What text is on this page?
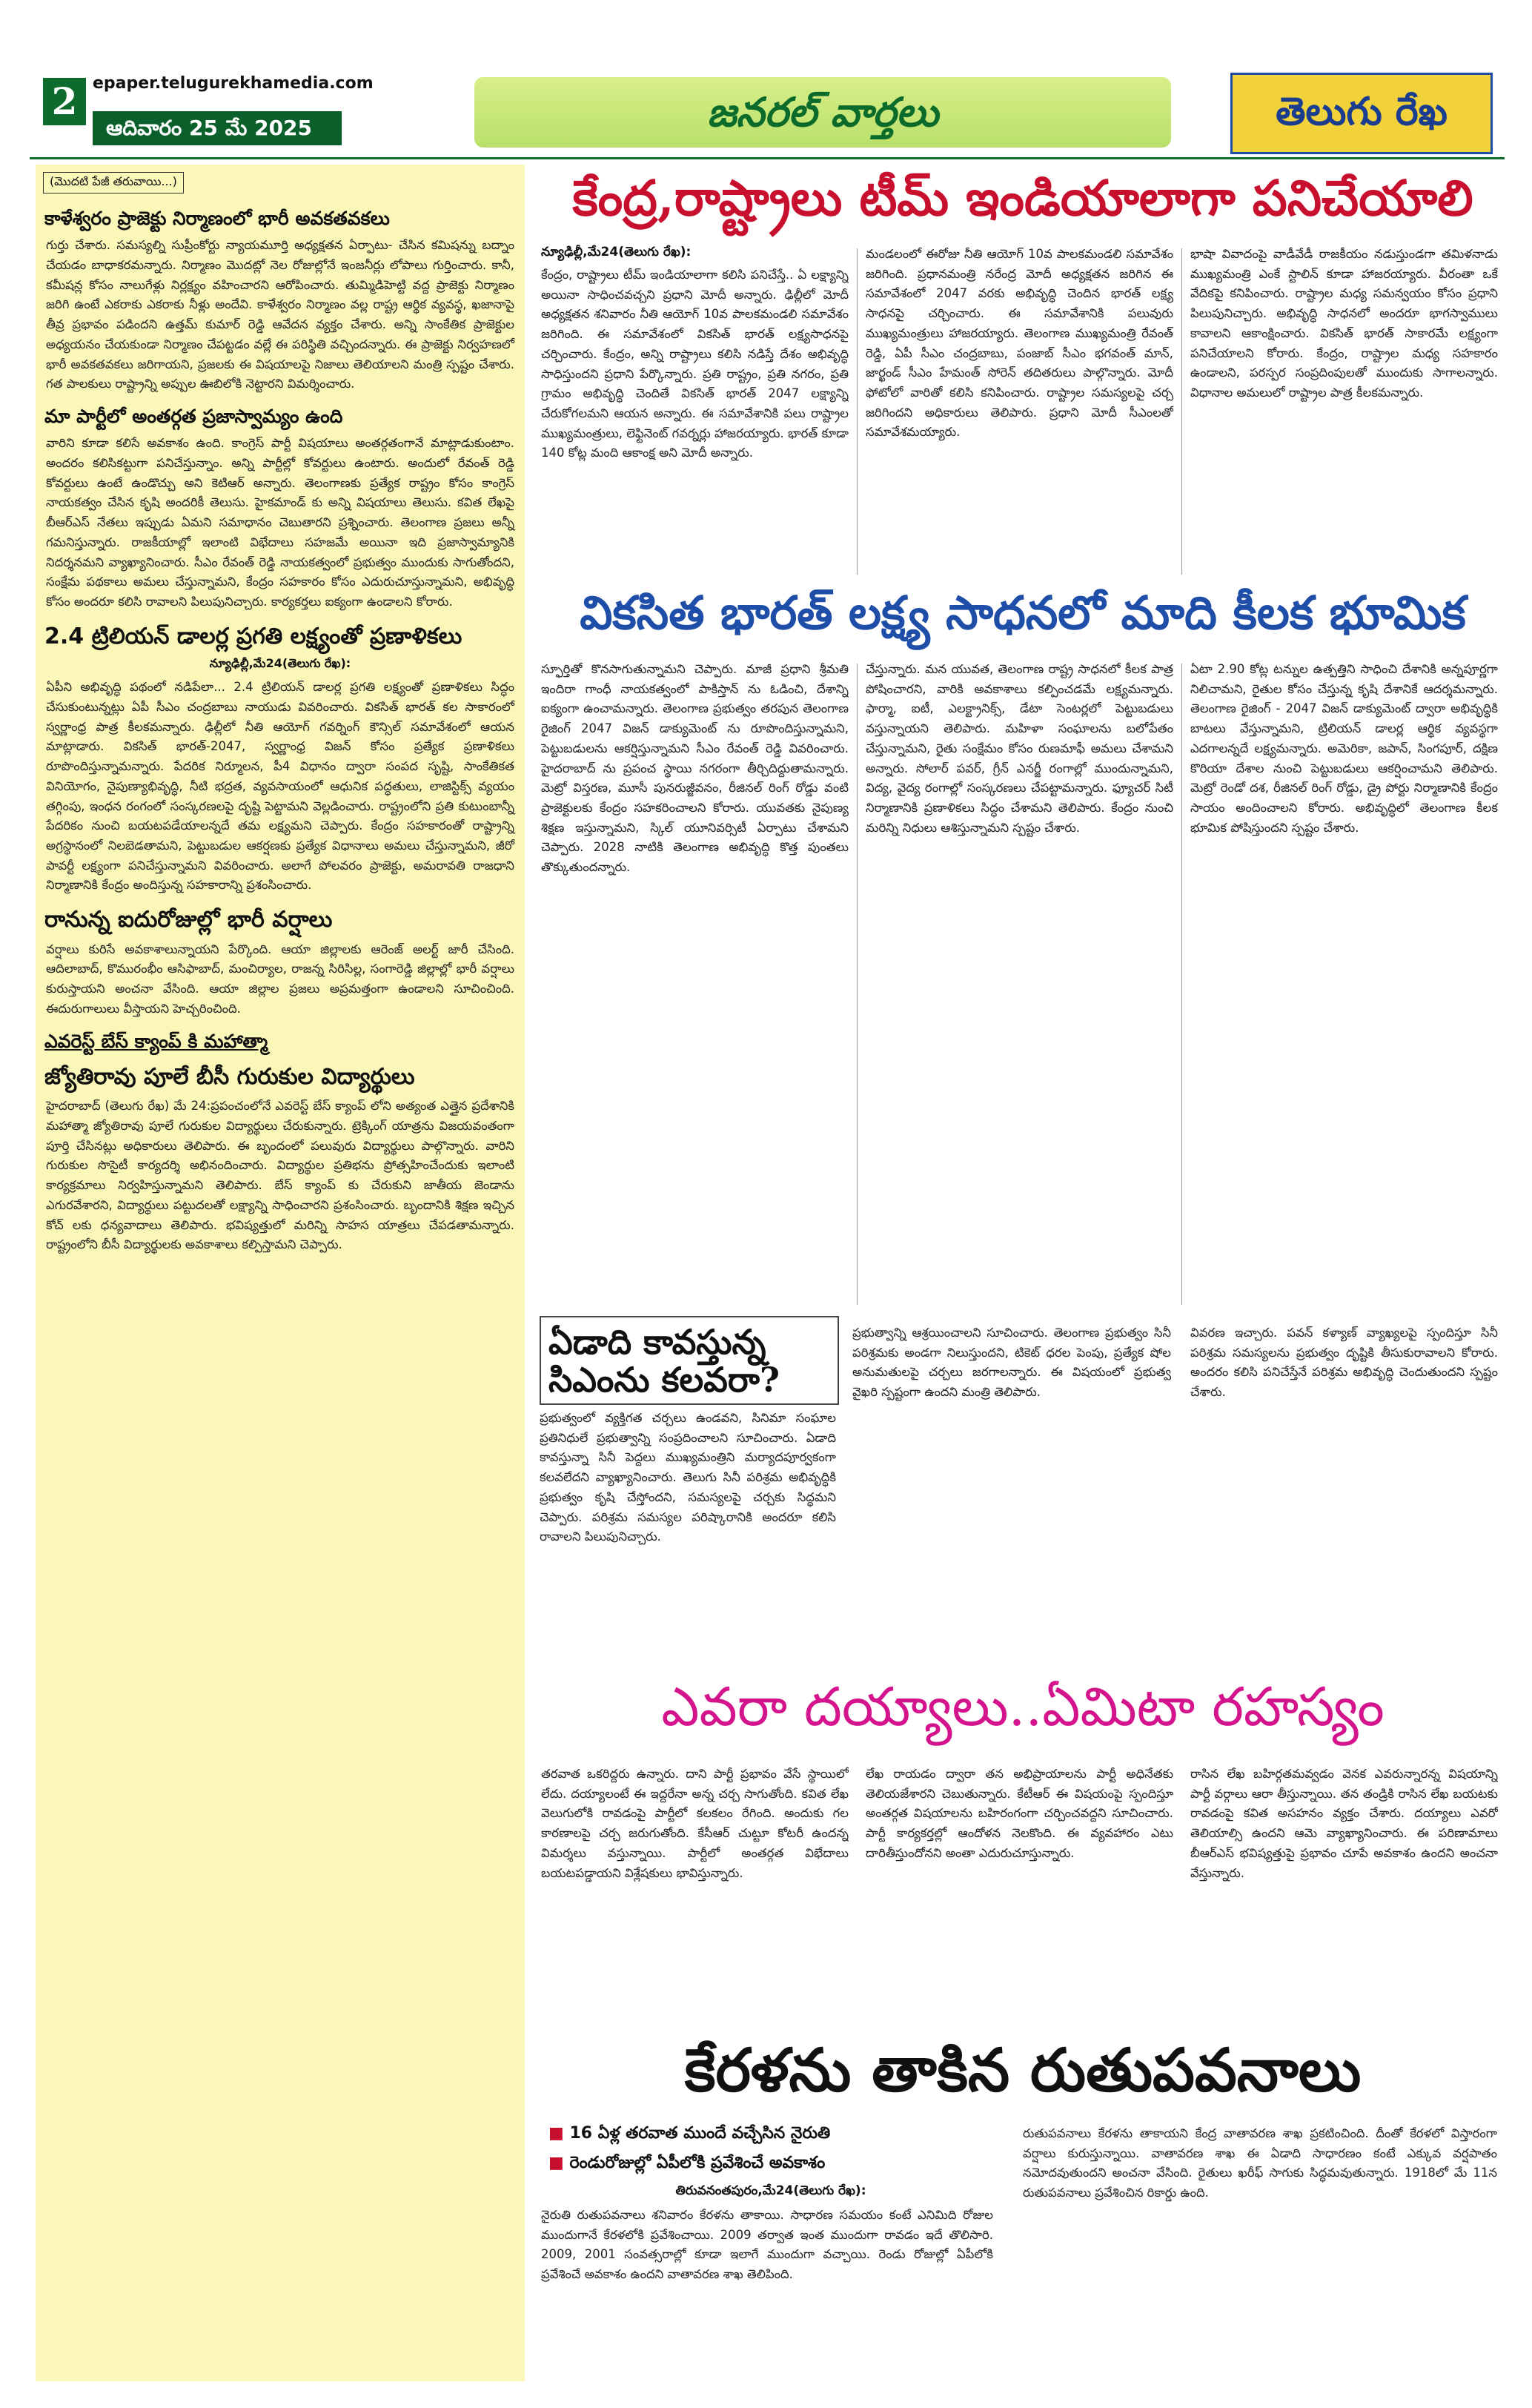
2 epaper.telugurekhamedia.com
ఆదివారం 25 మే 2025	జనరల్ వార్తలు	తెలుగు రేఖ
(మొదటి పేజీ తరువాయి...)
కాళేశ్వరం ప్రాజెక్టు నిర్మాణంలో భారీ అవకతవకలు
గుర్తు చేశారు. సమస్యల్ని సుప్రీంకోర్టు న్యాయమూర్తి అధ్యక్షతన ఏర్పాటు- చేసిన కమిషన్ను బద్నాం చేయడం బాధాకరమన్నారు. నిర్మాణం మొదట్లో నెల రోజుల్లోనే ఇంజనీర్లు లోపాలు గుర్తించారు. కానీ, కమీషన్ల కోసం నాలుగేళ్లు నిర్లక్ష్యం వహించారని ఆరోపించారు. తుమ్మిడిహెట్టి వద్ద ప్రాజెక్టు నిర్మాణం జరిగి ఉంటే ఎకరాకు ఎకరాకు నీళ్లు అందేవి. కాళేశ్వరం నిర్మాణం వల్ల రాష్ట్ర ఆర్థిక వ్యవస్థ, ఖజానాపై తీవ్ర ప్రభావం పడిందని ఉత్తమ్ కుమార్ రెడ్డి ఆవేదన వ్యక్తం చేశారు. అన్ని సాంకేతిక ప్రాజెక్టుల అధ్యయనం చేయకుండా నిర్మాణం చేపట్టడం వల్లే ఈ పరిస్థితి వచ్చిందన్నారు. ఈ ప్రాజెక్టు నిర్వహణలో భారీ అవకతవకలు జరిగాయని, ప్రజలకు ఈ విషయాలపై నిజాలు తెలియాలని మంత్రి స్పష్టం చేశారు. గత పాలకులు రాష్ట్రాన్ని అప్పుల ఊబిలోకి నెట్టారని విమర్శించారు.
మా పార్టీలో అంతర్గత ప్రజాస్వామ్యం ఉంది
వారిని కూడా కలిసే అవకాశం ఉంది. కాంగ్రెస్ పార్టీ విషయాలు అంతర్గతంగానే మాట్లాడుకుంటాం. అందరం కలిసికట్టుగా పనిచేస్తున్నాం. అన్ని పార్టీల్లో కోవర్టులు ఉంటారు. అందులో రేవంత్ రెడ్డి కోవర్టులు ఉంటే ఉండొచ్చు అని కెటిఆర్ అన్నారు. తెలంగాణకు ప్రత్యేక రాష్ట్రం కోసం కాంగ్రెస్ నాయకత్వం చేసిన కృషి అందరికీ తెలుసు. హైకమాండ్ కు అన్ని విషయాలు తెలుసు. కవిత లేఖపై బీఆర్ఎస్ నేతలు ఇప్పుడు ఏమని సమాధానం చెబుతారని ప్రశ్నించారు. తెలంగాణ ప్రజలు అన్నీ గమనిస్తున్నారు. రాజకీయాల్లో ఇలాంటి విభేదాలు సహజమే అయినా ఇది ప్రజాస్వామ్యానికి నిదర్శనమని వ్యాఖ్యానించారు. సీఎం రేవంత్ రెడ్డి నాయకత్వంలో ప్రభుత్వం ముందుకు సాగుతోందని, సంక్షేమ పథకాలు అమలు చేస్తున్నామని, కేంద్రం సహకారం కోసం ఎదురుచూస్తున్నామని, అభివృద్ధి కోసం అందరూ కలిసి రావాలని పిలుపునిచ్చారు. కార్యకర్తలు ఐక్యంగా ఉండాలని కోరారు.
2.4 ట్రిలియన్ డాలర్ల ప్రగతి లక్ష్యంతో ప్రణాళికలు
న్యూఢిల్లీ,మే24(తెలుగు రేఖ):
ఏపీని అభివృద్ధి పథంలో నడిపేలా... 2.4 ట్రిలియన్ డాలర్ల ప్రగతి లక్ష్యంతో ప్రణాళికలు సిద్ధం చేసుకుంటున్నట్లు ఏపీ సీఎం చంద్రబాబు నాయుడు వివరించారు. వికసిత్ భారత్ కల సాకారంలో స్వర్ణాంధ్ర పాత్ర కీలకమన్నారు. ఢిల్లీలో నీతి ఆయోగ్ గవర్నింగ్ కౌన్సిల్ సమావేశంలో ఆయన మాట్లాడారు. వికసిత్ భారత్-2047, స్వర్ణాంధ్ర విజన్ కోసం ప్రత్యేక ప్రణాళికలు రూపొందిస్తున్నామన్నారు. పేదరిక నిర్మూలన, పీ4 విధానం ద్వారా సంపద సృష్టి, సాంకేతికత వినియోగం, నైపుణ్యాభివృద్ధి, నీటి భద్రత, వ్యవసాయంలో ఆధునిక పద్ధతులు, లాజిస్టిక్స్ వ్యయం తగ్గింపు, ఇంధన రంగంలో సంస్కరణలపై దృష్టి పెట్టామని వెల్లడించారు. రాష్ట్రంలోని ప్రతి కుటుంబాన్నీ పేదరికం నుంచి బయటపడేయాలన్నదే తమ లక్ష్యమని చెప్పారు. కేంద్రం సహకారంతో రాష్ట్రాన్ని అగ్రస్థానంలో నిలబెడతామని, పెట్టుబడుల ఆకర్షణకు ప్రత్యేక విధానాలు అమలు చేస్తున్నామని, జీరో పావర్టీ లక్ష్యంగా పనిచేస్తున్నామని వివరించారు. అలాగే పోలవరం ప్రాజెక్టు, అమరావతి రాజధాని నిర్మాణానికి కేంద్రం అందిస్తున్న సహకారాన్ని ప్రశంసించారు.
రానున్న ఐదురోజుల్లో భారీ వర్షాలు
వర్షాలు కురిసే అవకాశాలున్నాయని పేర్కొంది. ఆయా జిల్లాలకు ఆరెంజ్ అలర్ట్ జారీ చేసింది. ఆదిలాబాద్, కొమురంభీం ఆసిఫాబాద్, మంచిర్యాల, రాజన్న సిరిసిల్ల, సంగారెడ్డి జిల్లాల్లో భారీ వర్షాలు కురుస్తాయని అంచనా వేసింది. ఆయా జిల్లాల ప్రజలు అప్రమత్తంగా ఉండాలని సూచించింది. ఈదురుగాలులు వీస్తాయని హెచ్చరించింది.
ఎవరెస్ట్ బేస్ క్యాంప్ కి మహాత్మా
జ్యోతిరావు పూలే బీసీ గురుకుల విద్యార్థులు
హైదరాబాద్ (తెలుగు రేఖ) మే 24:ప్రపంచంలోనే ఎవరెస్ట్ బేస్ క్యాంప్ లోని అత్యంత ఎత్తైన ప్రదేశానికి మహాత్మా జ్యోతిరావు పూలే గురుకుల విద్యార్థులు చేరుకున్నారు. ట్రెక్కింగ్ యాత్రను విజయవంతంగా పూర్తి చేసినట్లు అధికారులు తెలిపారు. ఈ బృందంలో పలువురు విద్యార్థులు పాల్గొన్నారు. వారిని గురుకుల సొసైటీ కార్యదర్శి అభినందించారు. విద్యార్థుల ప్రతిభను ప్రోత్సహించేందుకు ఇలాంటి కార్యక్రమాలు నిర్వహిస్తున్నామని తెలిపారు. బేస్ క్యాంప్ కు చేరుకుని జాతీయ జెండాను ఎగురవేశారని, విద్యార్థులు పట్టుదలతో లక్ష్యాన్ని సాధించారని ప్రశంసించారు. బృందానికి శిక్షణ ఇచ్చిన కోచ్ లకు ధన్యవాదాలు తెలిపారు. భవిష్యత్తులో మరిన్ని సాహస యాత్రలు చేపడతామన్నారు. రాష్ట్రంలోని బీసీ విద్యార్థులకు అవకాశాలు కల్పిస్తామని చెప్పారు.
కేంద్ర,రాష్ట్రాలు టీమ్ ఇండియాలాగా పనిచేయాలి
న్యూఢిల్లీ,మే24(తెలుగు రేఖ):
కేంద్రం, రాష్ట్రాలు టీమ్ ఇండియాలాగా కలిసి పనిచేస్తే.. ఏ లక్ష్యాన్ని అయినా సాధించవచ్చని ప్రధాని మోదీ అన్నారు. ఢిల్లీలో మోదీ అధ్యక్షతన శనివారం నీతి ఆయోగ్ 10వ పాలకమండలి సమావేశం జరిగింది. ఈ సమావేశంలో వికసిత్ భారత్ లక్ష్యసాధనపై చర్చించారు. కేంద్రం, అన్ని రాష్ట్రాలు కలిసి నడిస్తే దేశం అభివృద్ధి సాధిస్తుందని ప్రధాని పేర్కొన్నారు. ప్రతి రాష్ట్రం, ప్రతి నగరం, ప్రతి గ్రామం అభివృద్ధి చెందితే వికసిత్ భారత్ 2047 లక్ష్యాన్ని చేరుకోగలమని ఆయన అన్నారు. ఈ సమావేశానికి పలు రాష్ట్రాల ముఖ్యమంత్రులు, లెఫ్టినెంట్ గవర్నర్లు హాజరయ్యారు. భారత్ కూడా 140 కోట్ల మంది ఆకాంక్ష అని మోదీ అన్నారు.
మండలంలో ఈరోజు నీతి ఆయోగ్ 10వ పాలకమండలి సమావేశం జరిగింది. ప్రధానమంత్రి నరేంద్ర మోదీ అధ్యక్షతన జరిగిన ఈ సమావేశంలో 2047 వరకు అభివృద్ధి చెందిన భారత్ లక్ష్య సాధనపై చర్చించారు. ఈ సమావేశానికి పలువురు ముఖ్యమంత్రులు హాజరయ్యారు. తెలంగాణ ముఖ్యమంత్రి రేవంత్ రెడ్డి, ఏపీ సీఎం చంద్రబాబు, పంజాబ్ సీఎం భగవంత్ మాన్, జార్ఖండ్ సీఎం హేమంత్ సోరెన్ తదితరులు పాల్గొన్నారు. మోదీ ఫోటోలో వారితో కలిసి కనిపించారు. రాష్ట్రాల సమస్యలపై చర్చ జరిగిందని అధికారులు తెలిపారు. ప్రధాని మోదీ సీఎంలతో సమావేశమయ్యారు.
భాషా వివాదంపై వాడీవేడీ రాజకీయం నడుస్తుండగా తమిళనాడు ముఖ్యమంత్రి ఎంకే స్టాలిన్ కూడా హాజరయ్యారు. వీరంతా ఒకే వేదికపై కనిపించారు. రాష్ట్రాల మధ్య సమన్వయం కోసం ప్రధాని పిలుపునిచ్చారు. అభివృద్ధి సాధనలో అందరూ భాగస్వాములు కావాలని ఆకాంక్షించారు. వికసిత్ భారత్ సాకారమే లక్ష్యంగా పనిచేయాలని కోరారు. కేంద్రం, రాష్ట్రాల మధ్య సహకారం ఉండాలని, పరస్పర సంప్రదింపులతో ముందుకు సాగాలన్నారు. విధానాల అమలులో రాష్ట్రాల పాత్ర కీలకమన్నారు.
వికసిత భారత్ లక్ష్య సాధనలో మాది కీలక భూమిక
స్ఫూర్తితో కొనసాగుతున్నామని చెప్పారు. మాజీ ప్రధాని శ్రీమతి ఇందిరా గాంధీ నాయకత్వంలో పాకిస్తాన్ ను ఓడించి, దేశాన్ని ఐక్యంగా ఉంచామన్నారు. తెలంగాణ ప్రభుత్వం తరపున తెలంగాణ రైజింగ్ 2047 విజన్ డాక్యుమెంట్ ను రూపొందిస్తున్నామని, పెట్టుబడులను ఆకర్షిస్తున్నామని సీఎం రేవంత్ రెడ్డి వివరించారు. హైదరాబాద్ ను ప్రపంచ స్థాయి నగరంగా తీర్చిదిద్దుతామన్నారు. మెట్రో విస్తరణ, మూసీ పునరుజ్జీవనం, రీజినల్ రింగ్ రోడ్డు వంటి ప్రాజెక్టులకు కేంద్రం సహకరించాలని కోరారు. యువతకు నైపుణ్య శిక్షణ ఇస్తున్నామని, స్కిల్ యూనివర్సిటీ ఏర్పాటు చేశామని చెప్పారు. 2028 నాటికి తెలంగాణ అభివృద్ధి కొత్త పుంతలు తొక్కుతుందన్నారు.
చేస్తున్నారు. మన యువత, తెలంగాణ రాష్ట్ర సాధనలో కీలక పాత్ర పోషించారని, వారికి అవకాశాలు కల్పించడమే లక్ష్యమన్నారు. ఫార్మా, ఐటీ, ఎలక్ట్రానిక్స్, డేటా సెంటర్లలో పెట్టుబడులు వస్తున్నాయని తెలిపారు. మహిళా సంఘాలను బలోపేతం చేస్తున్నామని, రైతు సంక్షేమం కోసం రుణమాఫీ అమలు చేశామని అన్నారు. సోలార్ పవర్, గ్రీన్ ఎనర్జీ రంగాల్లో ముందున్నామని, విద్య, వైద్య రంగాల్లో సంస్కరణలు చేపట్టామన్నారు. ఫ్యూచర్ సిటీ నిర్మాణానికి ప్రణాళికలు సిద్ధం చేశామని తెలిపారు. కేంద్రం నుంచి మరిన్ని నిధులు ఆశిస్తున్నామని స్పష్టం చేశారు.
ఏటా 2.90 కోట్ల టన్నుల ఉత్పత్తిని సాధించి దేశానికి అన్నపూర్ణగా నిలిచామని, రైతుల కోసం చేస్తున్న కృషి దేశానికే ఆదర్శమన్నారు. తెలంగాణ రైజింగ్ - 2047 విజన్ డాక్యుమెంట్ ద్వారా అభివృద్ధికి బాటలు వేస్తున్నామని, ట్రిలియన్ డాలర్ల ఆర్థిక వ్యవస్థగా ఎదగాలన్నదే లక్ష్యమన్నారు. అమెరికా, జపాన్, సింగపూర్, దక్షిణ కొరియా దేశాల నుంచి పెట్టుబడులు ఆకర్షించామని తెలిపారు. మెట్రో రెండో దశ, రీజినల్ రింగ్ రోడ్డు, డ్రై పోర్టు నిర్మాణానికి కేంద్రం సాయం అందించాలని కోరారు. అభివృద్ధిలో తెలంగాణ కీలక భూమిక పోషిస్తుందని స్పష్టం చేశారు.
ఏడాది కావస్తున్న సిఎంను కలవరా?
ప్రభుత్వంలో వ్యక్తిగత చర్చలు ఉండవని, సినిమా సంఘాల ప్రతినిధులే ప్రభుత్వాన్ని సంప్రదించాలని సూచించారు. ఏడాది కావస్తున్నా సినీ పెద్దలు ముఖ్యమంత్రిని మర్యాదపూర్వకంగా కలవలేదని వ్యాఖ్యానించారు. తెలుగు సినీ పరిశ్రమ అభివృద్ధికి ప్రభుత్వం కృషి చేస్తోందని, సమస్యలపై చర్చకు సిద్ధమని చెప్పారు. పరిశ్రమ సమస్యల పరిష్కారానికి అందరూ కలిసి రావాలని పిలుపునిచ్చారు.
ప్రభుత్వాన్ని ఆశ్రయించాలని సూచించారు. తెలంగాణ ప్రభుత్వం సినీ పరిశ్రమకు అండగా నిలుస్తుందని, టికెట్ ధరల పెంపు, ప్రత్యేక షోల అనుమతులపై చర్చలు జరగాలన్నారు. ఈ విషయంలో ప్రభుత్వ వైఖరి స్పష్టంగా ఉందని మంత్రి తెలిపారు.
వివరణ ఇచ్చారు. పవన్ కళ్యాణ్ వ్యాఖ్యలపై స్పందిస్తూ సినీ పరిశ్రమ సమస్యలను ప్రభుత్వం దృష్టికి తీసుకురావాలని కోరారు. అందరం కలిసి పనిచేస్తేనే పరిశ్రమ అభివృద్ధి చెందుతుందని స్పష్టం చేశారు.
ఎవరా దయ్యాలు..ఏమిటా రహస్యం
తరవాత ఒకరిద్దరు ఉన్నారు. దాని పార్టీ ప్రభావం వేసే స్థాయిలో లేదు. దయ్యాలంటే ఈ ఇద్దరేనా అన్న చర్చ సాగుతోంది. కవిత లేఖ వెలుగులోకి రావడంపై పార్టీలో కలకలం రేగింది. అందుకు గల కారణాలపై చర్చ జరుగుతోంది. కేసీఆర్ చుట్టూ కోటరీ ఉందన్న విమర్శలు వస్తున్నాయి. పార్టీలో అంతర్గత విభేదాలు బయటపడ్డాయని విశ్లేషకులు భావిస్తున్నారు.
లేఖ రాయడం ద్వారా తన అభిప్రాయాలను పార్టీ అధినేతకు తెలియజేశారని చెబుతున్నారు. కేటీఆర్ ఈ విషయంపై స్పందిస్తూ అంతర్గత విషయాలను బహిరంగంగా చర్చించవద్దని సూచించారు. పార్టీ కార్యకర్తల్లో ఆందోళన నెలకొంది. ఈ వ్యవహారం ఎటు దారితీస్తుందోనని అంతా ఎదురుచూస్తున్నారు.
రాసిన లేఖ బహిర్గతమవ్వడం వెనక ఎవరున్నారన్న విషయాన్ని పార్టీ వర్గాలు ఆరా తీస్తున్నాయి. తన తండ్రికి రాసిన లేఖ బయటకు రావడంపై కవిత అసహనం వ్యక్తం చేశారు. దయ్యాలు ఎవరో తెలియాల్సి ఉందని ఆమె వ్యాఖ్యానించారు. ఈ పరిణామాలు బీఆర్ఎస్ భవిష్యత్తుపై ప్రభావం చూపే అవకాశం ఉందని అంచనా వేస్తున్నారు.
కేరళను తాకిన రుతుపవనాలు
■ 16 ఏళ్ల తరవాత ముందే వచ్చేసిన నైరుతి
■ రెండురోజుల్లో ఏపీలోకి ప్రవేశించే అవకాశం
తిరువనంతపురం,మే24(తెలుగు రేఖ):
నైరుతి రుతుపవనాలు శనివారం కేరళను తాకాయి. సాధారణ సమయం కంటే ఎనిమిది రోజుల ముందుగానే కేరళలోకి ప్రవేశించాయి. 2009 తర్వాత ఇంత ముందుగా రావడం ఇదే తొలిసారి. 2009, 2001 సంవత్సరాల్లో కూడా ఇలాగే ముందుగా వచ్చాయి. రెండు రోజుల్లో ఏపీలోకి ప్రవేశించే అవకాశం ఉందని వాతావరణ శాఖ తెలిపింది.
రుతుపవనాలు కేరళను తాకాయని కేంద్ర వాతావరణ శాఖ ప్రకటించింది. దీంతో కేరళలో విస్తారంగా వర్షాలు కురుస్తున్నాయి. వాతావరణ శాఖ ఈ ఏడాది సాధారణం కంటే ఎక్కువ వర్షపాతం నమోదవుతుందని అంచనా వేసింది. రైతులు ఖరీఫ్ సాగుకు సిద్ధమవుతున్నారు. 1918లో మే 11న రుతుపవనాలు ప్రవేశించిన రికార్డు ఉంది.
